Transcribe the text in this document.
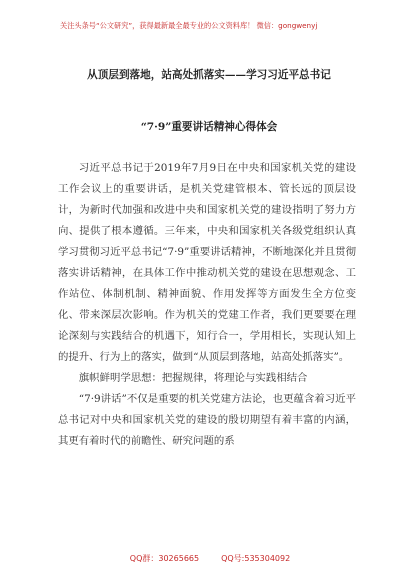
关注头条号“公文研究”，获得最新最全最专业的公文资料库！ 微信：gongwenyj
从顶层到落地，站高处抓落实——学习习近平总书记
“7·9”重要讲话精神心得体会

习近平总书记于2019年7月9日在中央和国家机关党的建设工作会议上的重要讲话，是机关党建管根本、管长远的顶层设计，为新时代加强和改进中央和国家机关党的建设指明了努力方向、提供了根本遵循。三年来，中央和国家机关各级党组织认真学习贯彻习近平总书记“7·9”重要讲话精神，不断地深化并且贯彻落实讲话精神，在具体工作中推动机关党的建设在思想观念、工作站位、体制机制、精神面貌、作用发挥等方面发生全方位变化、带来深层次影响。作为机关的党建工作者，我们更要要在理论深刻与实践结合的机遇下，知行合一，学用相长，实现认知上的提升、行为上的落实，做到“从顶层到落地，站高处抓落实”。

旗帜鲜明学思想：把握规律，将理论与实践相结合

“7·9讲话”不仅是重要的机关党建方法论，也更蕴含着习近平总书记对中央和国家机关党的建设的殷切期望有着丰富的内涵，其更有着时代的前瞻性、研究问题的系

QQ群：30265665	QQ号:535304092
